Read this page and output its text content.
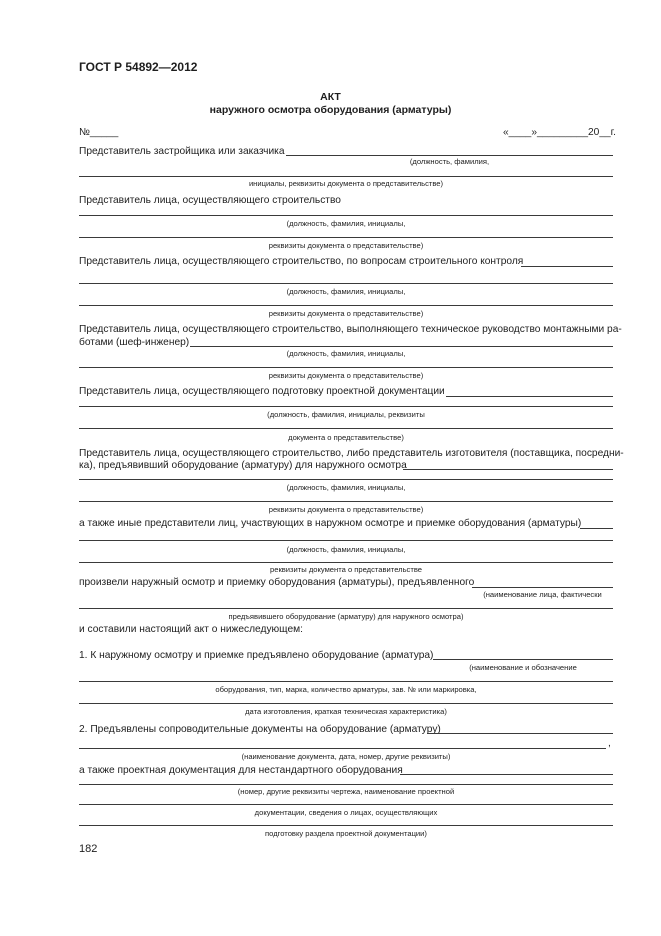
ГОСТ Р 54892—2012
АКТ
наружного осмотра оборудования (арматуры)
№_____	«____»_________20__г.
Представитель застройщика или заказчика
(должность, фамилия,
инициалы, реквизиты документа о представительстве)
Представитель лица, осуществляющего строительство
(должность, фамилия, инициалы,
реквизиты документа о представительстве)
Представитель лица, осуществляющего строительство, по вопросам строительного контроля
(должность, фамилия, инициалы,
реквизиты документа о представительстве)
Представитель лица, осуществляющего строительство, выполняющего техническое руководство монтажными ра-
ботами (шеф-инженер)
(должность, фамилия, инициалы,
реквизиты документа о представительстве)
Представитель лица, осуществляющего подготовку проектной документации
(должность, фамилия, инициалы, реквизиты
документа о представительстве)
Представитель лица, осуществляющего строительство, либо представитель изготовителя (поставщика, посредни-
ка), предъявивший оборудование (арматуру) для наружного осмотра
(должность, фамилия, инициалы,
реквизиты документа о представительстве)
а также иные представители лиц, участвующих в наружном осмотре и приемке оборудования (арматуры)
(должность, фамилия, инициалы,
реквизиты документа о представительстве
произвели наружный осмотр и приемку оборудования (арматуры), предъявленного
(наименование лица, фактически
предъявившего оборудование (арматуру) для наружного осмотра)
и составили настоящий акт о нижеследующем:
1. К наружному осмотру и приемке предъявлено оборудование (арматура)
(наименование и обозначение
оборудования, тип, марка, количество арматуры, зав. № или маркировка,
дата изготовления, краткая техническая характеристика)
2. Предъявлены сопроводительные документы на оборудование (арматуру)
,
(наименование документа, дата, номер, другие реквизиты)
а также проектная документация для нестандартного оборудования
(номер, другие реквизиты чертежа, наименование проектной
документации, сведения о лицах, осуществляющих
подготовку раздела проектной документации)
182
